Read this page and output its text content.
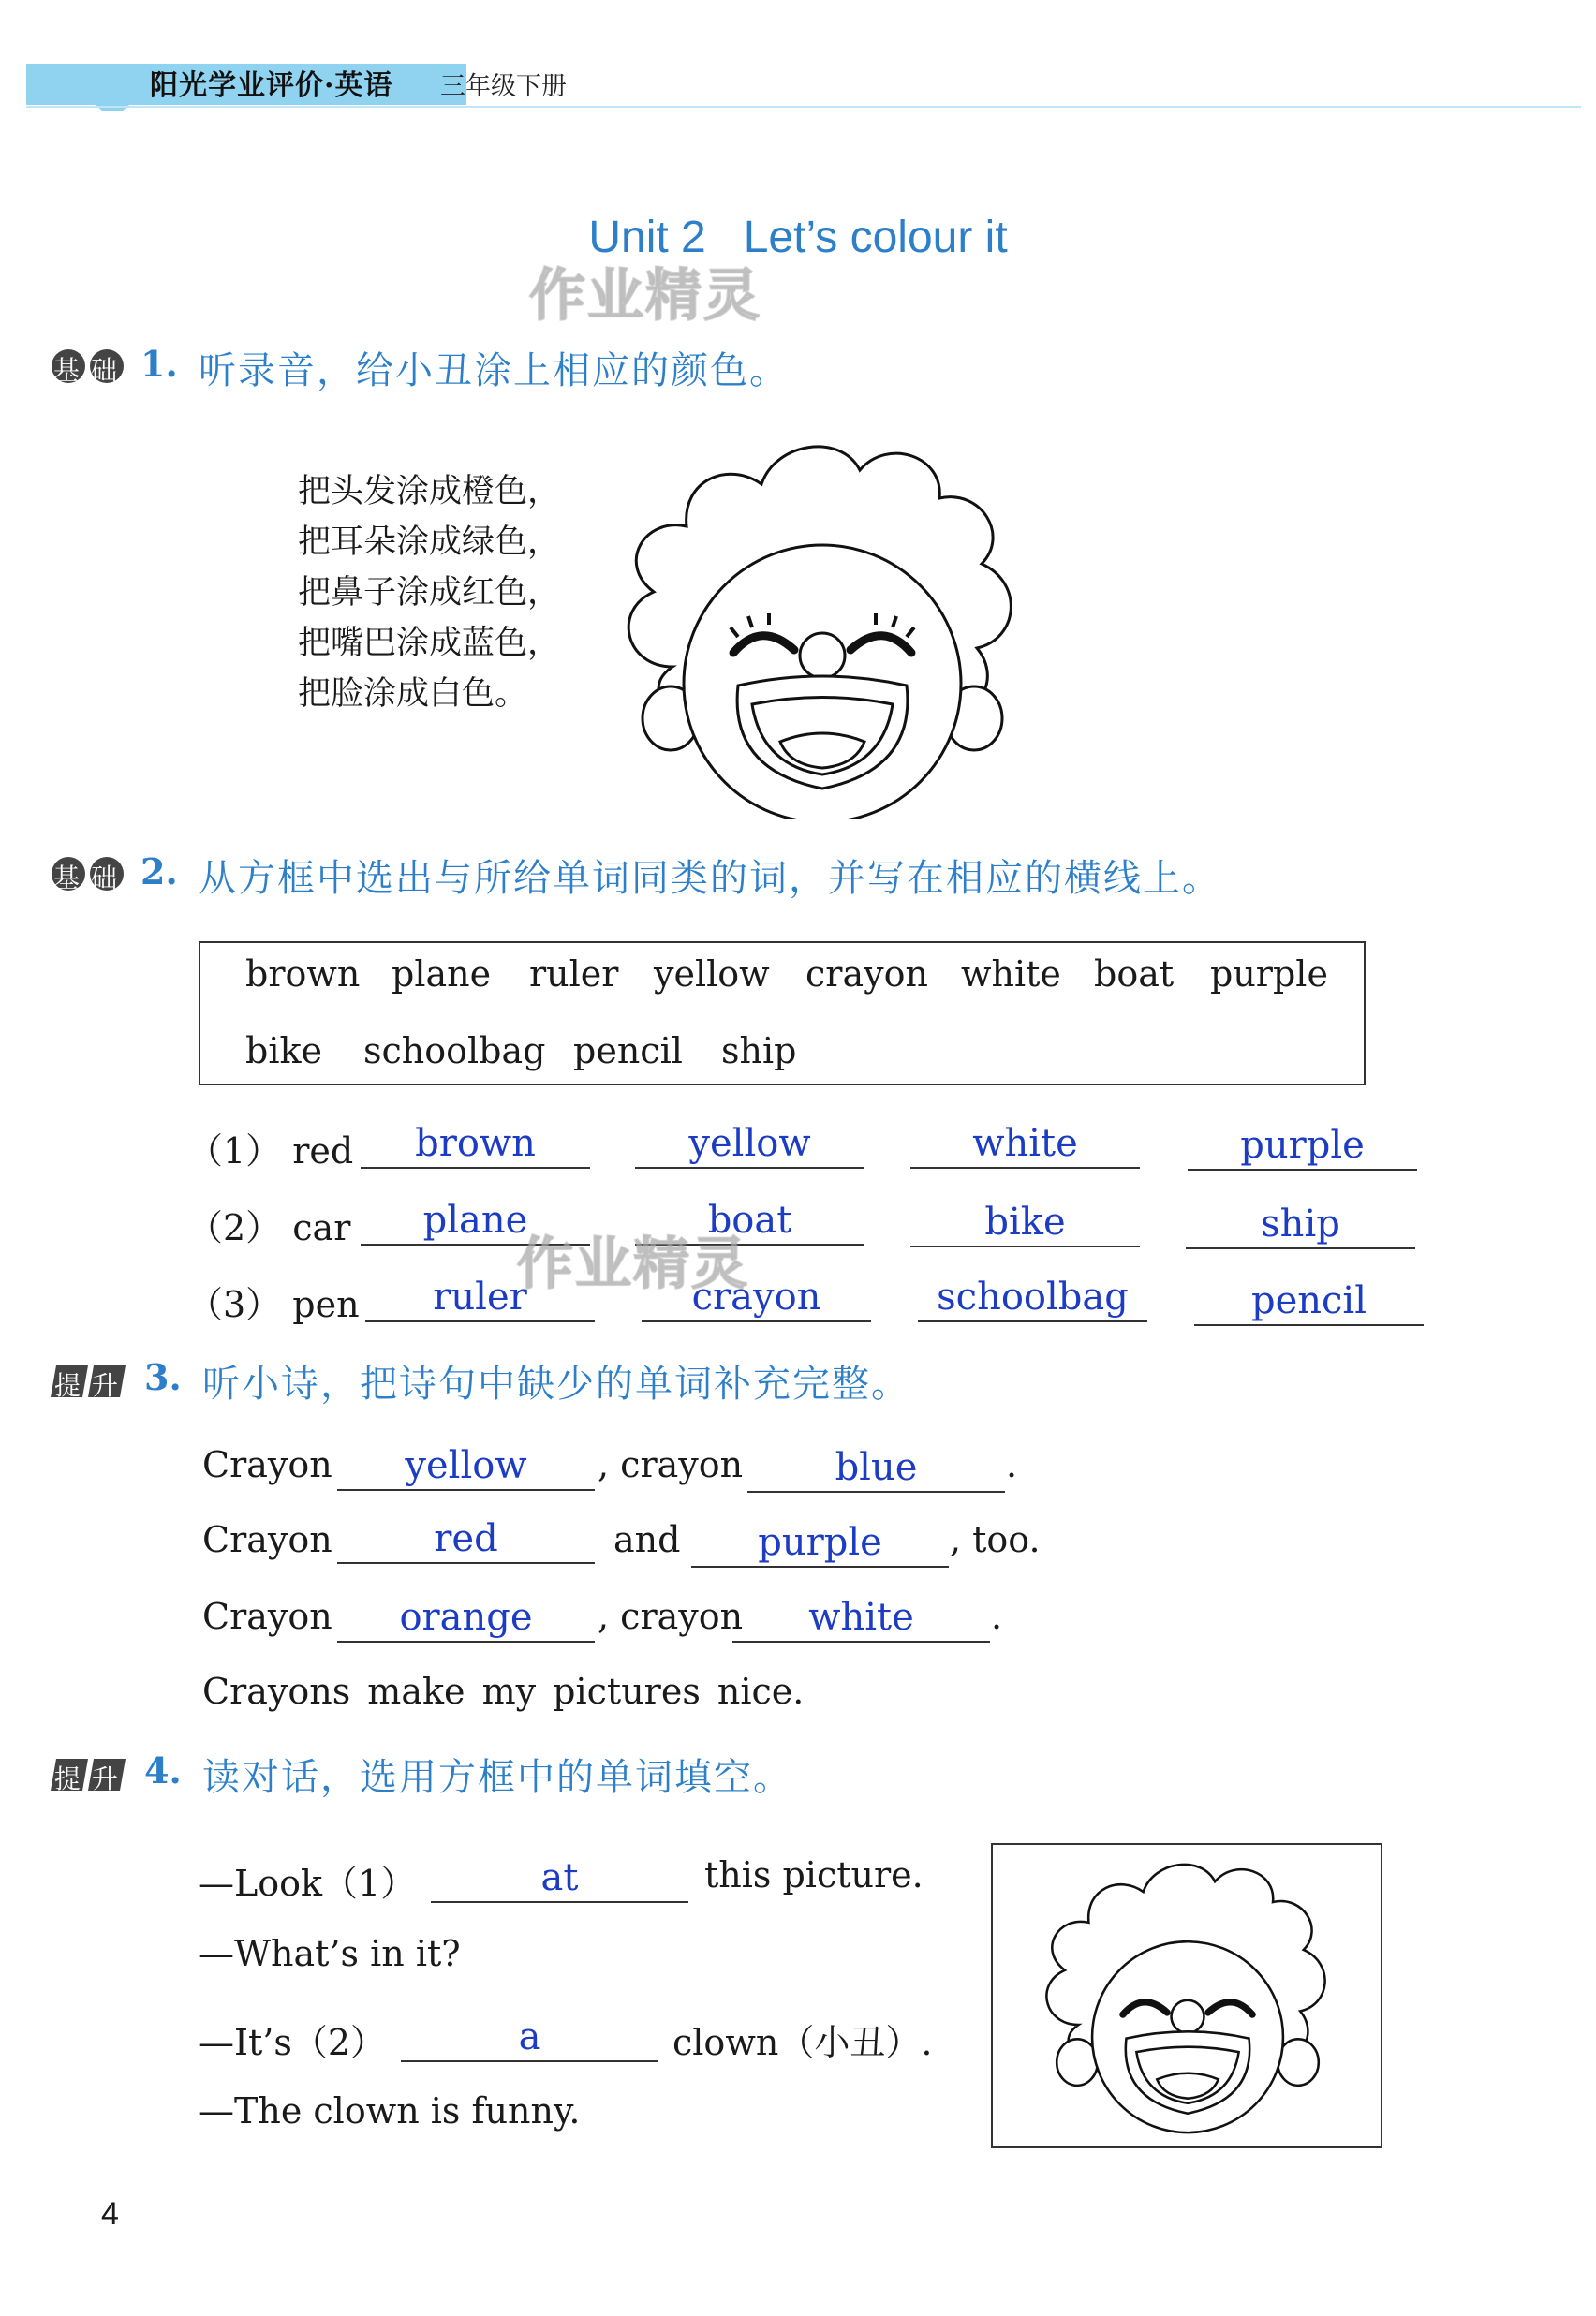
阳光学业评价·英语 三年级下册
Unit 2   Let’s colour it
作业精灵
基础 1. 听录音，给小丑涂上相应的颜色。
把头发涂成橙色，
把耳朵涂成绿色，
把鼻子涂成红色，
把嘴巴涂成蓝色，
把脸涂成白色。
基础 2. 从方框中选出与所给单词同类的词，并写在相应的横线上。
brown plane ruler yellow crayon white boat purple
bike schoolbag pencil ship
（1） red	brown	yellow	white	purple
（2） car	plane	boat	bike	ship
（3） pen	ruler	crayon	schoolbag	pencil
作业精灵
提升 3. 听小诗，把诗句中缺少的单词补充完整。
Crayon	yellow	, crayon	blue	.
Crayon	red	and	purple	, too.
Crayon	orange	, crayon	white	.
Crayons make my pictures nice.
提升 4. 读对话，选用方框中的单词填空。
—Look（1）	at	this picture.
—What’s in it?
—It’s（2）	a	clown（小丑）.
—The clown is funny.
4
